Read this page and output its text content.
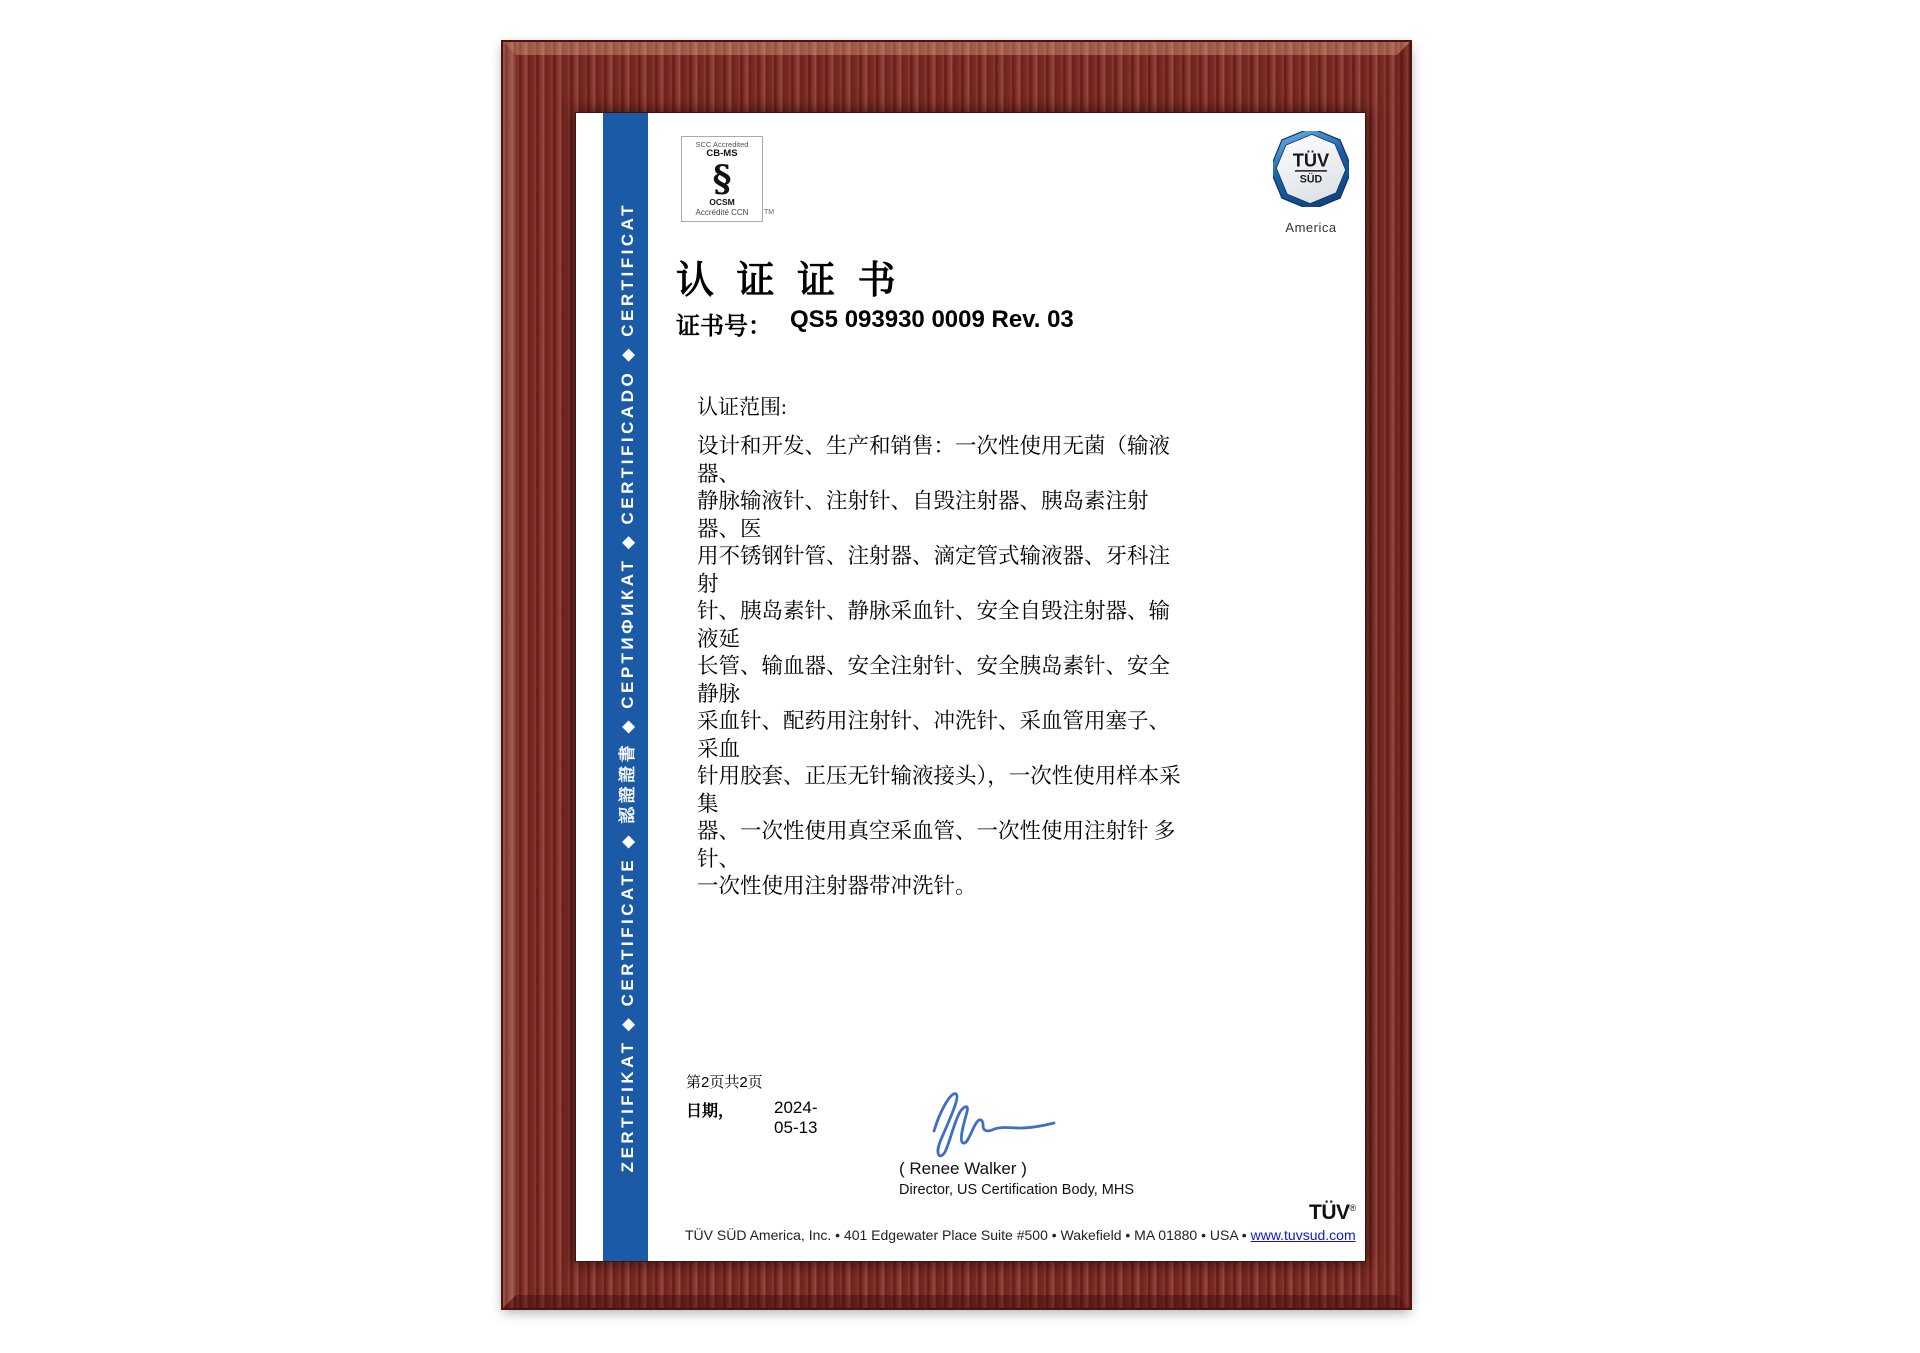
ZERTIFIKAT ◆ CERTIFICATE ◆ 認證證書 ◆ СЕРТИФИКАТ ◆ CERTIFICADO ◆ CERTIFICAT
SCC Accredited
CB-MS
§
OCSM
Accrédité CCN TM
TÜV
SÜD
America
认 证 证 书
证书号： QS5 093930 0009 Rev. 03
认证范围:
设计和开发、生产和销售：一次性使用无菌（输液器、
静脉输液针、注射针、自毁注射器、胰岛素注射器、医
用不锈钢针管、注射器、滴定管式输液器、牙科注射
针、胰岛素针、静脉采血针、安全自毁注射器、输液延
长管、输血器、安全注射针、安全胰岛素针、安全静脉
采血针、配药用注射针、冲洗针、采血管用塞子、采血
针用胶套、正压无针输液接头），一次性使用样本采集
器、一次性使用真空采血管、一次性使用注射针 多针、
一次性使用注射器带冲洗针。
第2页共2页
日期， 2024-05-13
( Renee Walker )
Director, US Certification Body, MHS
TÜV SÜD America, Inc. • 401 Edgewater Place Suite #500 • Wakefield • MA 01880 • USA • www.tuvsud.com
TÜV®
